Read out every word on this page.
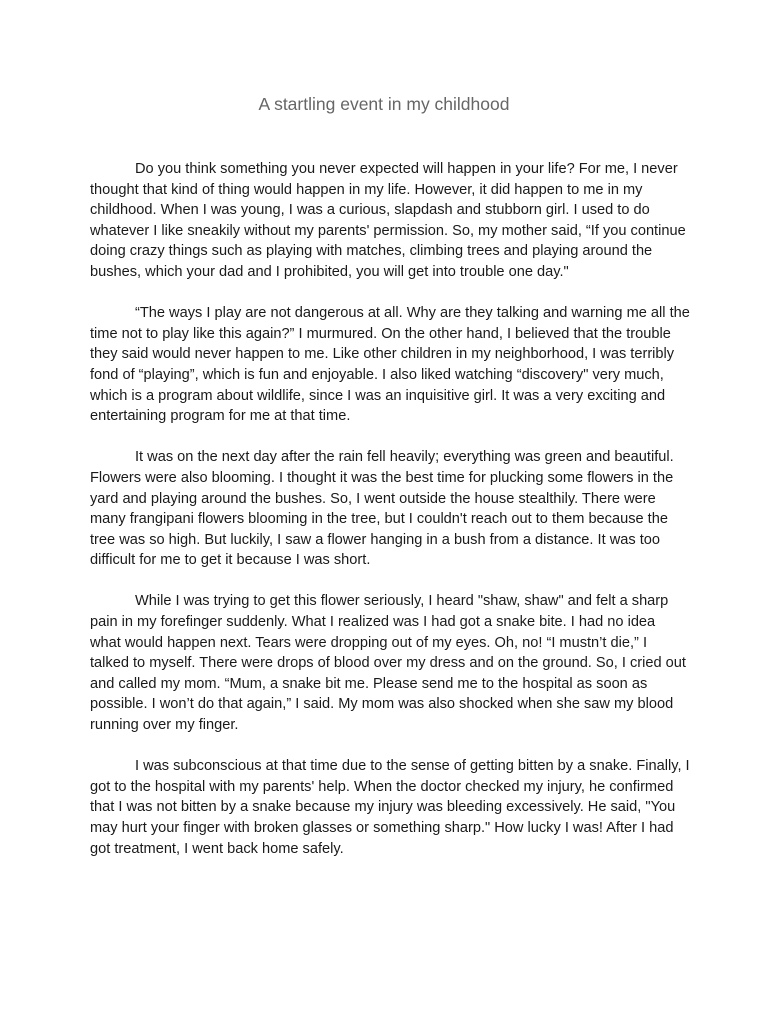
A startling event in my childhood

Do you think something you never expected will happen in your life? For me, I never thought that kind of thing would happen in my life. However, it did happen to me in my childhood. When I was young, I was a curious, slapdash and stubborn girl. I used to do whatever I like sneakily without my parents' permission. So, my mother said, “If you continue doing crazy things such as playing with matches, climbing trees and playing around the bushes, which your dad and I prohibited, you will get into trouble one day."

“The ways I play are not dangerous at all. Why are they talking and warning me all the time not to play like this again?” I murmured. On the other hand, I believed that the trouble they said would never happen to me. Like other children in my neighborhood, I was terribly fond of “playing”, which is fun and enjoyable. I also liked watching “discovery" very much, which is a program about wildlife, since I was an inquisitive girl. It was a very exciting and entertaining program for me at that time.

It was on the next day after the rain fell heavily; everything was green and beautiful. Flowers were also blooming. I thought it was the best time for plucking some flowers in the yard and playing around the bushes. So, I went outside the house stealthily. There were many frangipani flowers blooming in the tree, but I couldn't reach out to them because the tree was so high. But luckily, I saw a flower hanging in a bush from a distance. It was too difficult for me to get it because I was short.

While I was trying to get this flower seriously, I heard "shaw, shaw" and felt a sharp pain in my forefinger suddenly. What I realized was I had got a snake bite. I had no idea what would happen next. Tears were dropping out of my eyes. Oh, no! “I mustn’t die,” I talked to myself. There were drops of blood over my dress and on the ground. So, I cried out and called my mom. “Mum, a snake bit me. Please send me to the hospital as soon as possible. I won’t do that again,” I said. My mom was also shocked when she saw my blood running over my finger.

I was subconscious at that time due to the sense of getting bitten by a snake. Finally, I got to the hospital with my parents' help. When the doctor checked my injury, he confirmed that I was not bitten by a snake because my injury was bleeding excessively. He said, "You may hurt your finger with broken glasses or something sharp." How lucky I was! After I had got treatment, I went back home safely.
